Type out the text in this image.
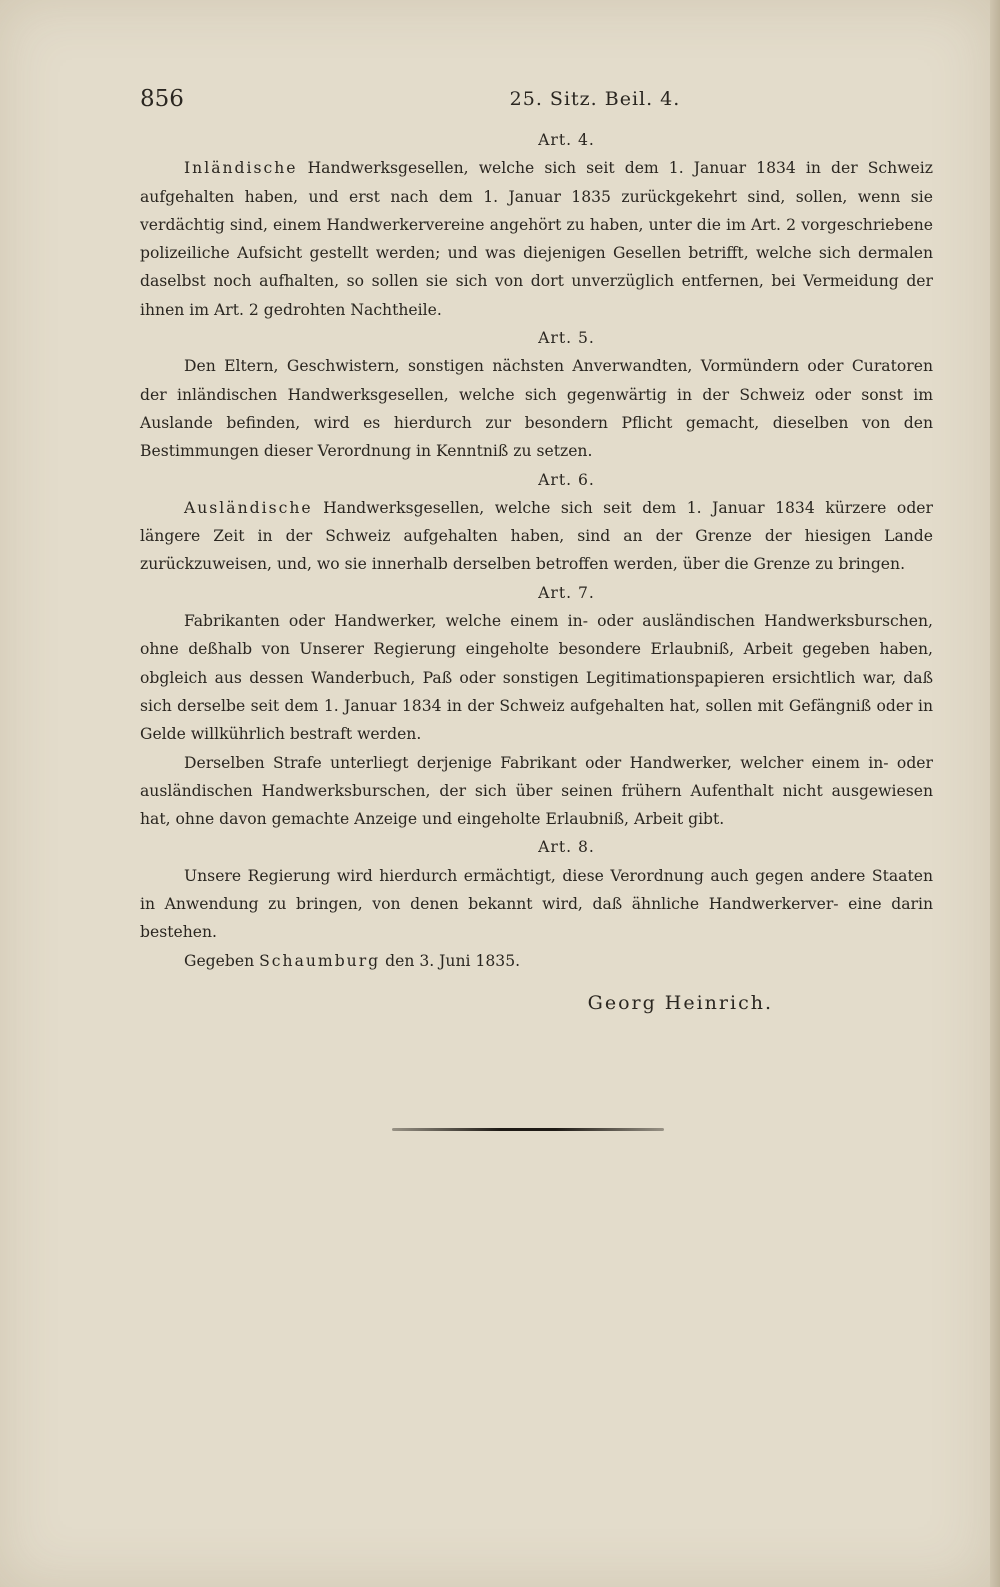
856	25. Sitz. Beil. 4.

Art. 4.

Inländische Handwerksgesellen, welche sich seit dem 1. Januar 1834 in der Schweiz aufgehalten haben, und erst nach dem 1. Januar 1835 zurückgekehrt sind, sollen, wenn sie verdächtig sind, einem Handwerkervereine angehört zu haben, unter die im Art. 2 vorgeschriebene polizeiliche Aufsicht gestellt werden; und was diejenigen Gesellen betrifft, welche sich dermalen daselbst noch aufhalten, so sollen sie sich von dort unverzüglich entfernen, bei Vermeidung der ihnen im Art. 2 gedrohten Nachtheile.

Art. 5.

Den Eltern, Geschwistern, sonstigen nächsten Anverwandten, Vormündern oder Curatoren der inländischen Handwerksgesellen, welche sich gegenwärtig in der Schweiz oder sonst im Auslande befinden, wird es hierdurch zur besondern Pflicht gemacht, dieselben von den Bestimmungen dieser Verordnung in Kenntniß zu setzen.

Art. 6.

Ausländische Handwerksgesellen, welche sich seit dem 1. Januar 1834 kürzere oder längere Zeit in der Schweiz aufgehalten haben, sind an der Grenze der hiesigen Lande zurückzuweisen, und, wo sie innerhalb derselben betroffen werden, über die Grenze zu bringen.

Art. 7.

Fabrikanten oder Handwerker, welche einem in- oder ausländischen Handwerksburschen, ohne deßhalb von Unserer Regierung eingeholte besondere Erlaubniß, Arbeit gegeben haben, obgleich aus dessen Wanderbuch, Paß oder sonstigen Legitimationspapieren ersichtlich war, daß sich derselbe seit dem 1. Januar 1834 in der Schweiz aufgehalten hat, sollen mit Gefängniß oder in Gelde willkührlich bestraft werden.

Derselben Strafe unterliegt derjenige Fabrikant oder Handwerker, welcher einem in- oder ausländischen Handwerksburschen, der sich über seinen frühern Aufenthalt nicht ausgewiesen hat, ohne davon gemachte Anzeige und eingeholte Erlaubniß, Arbeit gibt.

Art. 8.

Unsere Regierung wird hierdurch ermächtigt, diese Verordnung auch gegen andere Staaten in Anwendung zu bringen, von denen bekannt wird, daß ähnliche Handwerkerver- eine darin bestehen.

Gegeben Schaumburg den 3. Juni 1835.

Georg Heinrich.
